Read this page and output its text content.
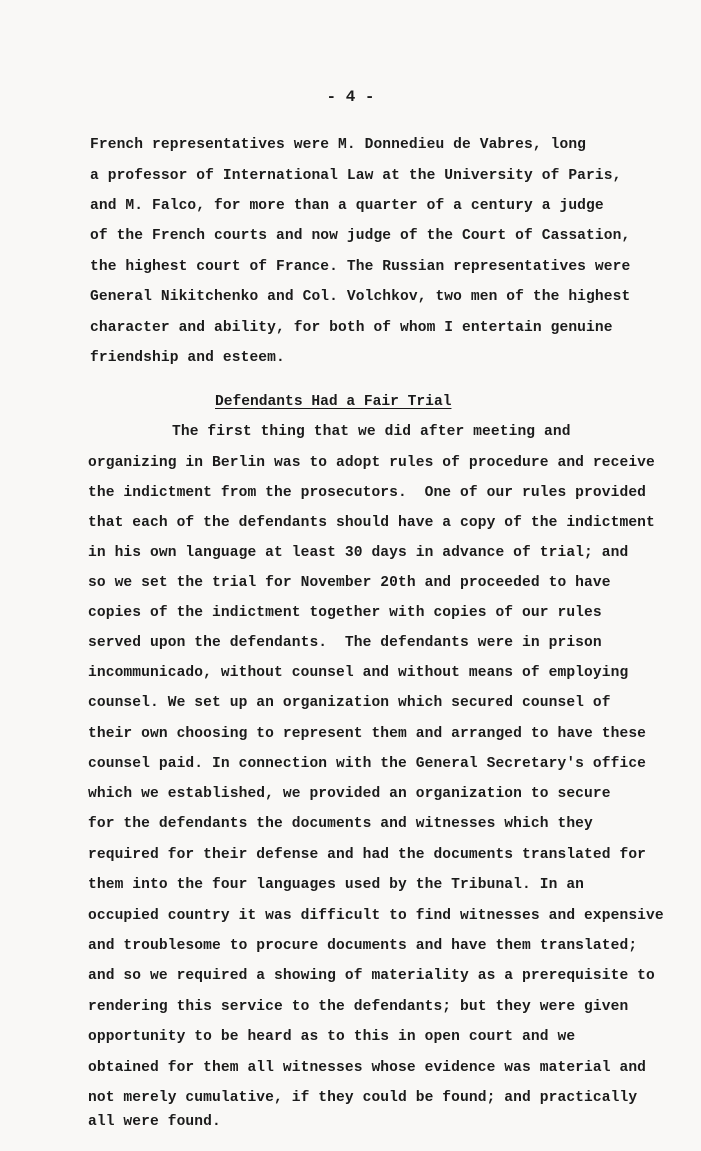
- 4 -
French representatives were M. Donnedieu de Vabres, long
a professor of International Law at the University of Paris,
and M. Falco, for more than a quarter of a century a judge
of the French courts and now judge of the Court of Cassation,
the highest court of France. The Russian representatives were
General Nikitchenko and Col. Volchkov, two men of the highest
character and ability, for both of whom I entertain genuine
friendship and esteem.
Defendants Had a Fair Trial
The first thing that we did after meeting and
organizing in Berlin was to adopt rules of procedure and receive
the indictment from the prosecutors.  One of our rules provided
that each of the defendants should have a copy of the indictment
in his own language at least 30 days in advance of trial; and
so we set the trial for November 20th and proceeded to have
copies of the indictment together with copies of our rules
served upon the defendants.  The defendants were in prison
incommunicado, without counsel and without means of employing
counsel. We set up an organization which secured counsel of
their own choosing to represent them and arranged to have these
counsel paid. In connection with the General Secretary's office
which we established, we provided an organization to secure
for the defendants the documents and witnesses which they
required for their defense and had the documents translated for
them into the four languages used by the Tribunal. In an
occupied country it was difficult to find witnesses and expensive
and troublesome to procure documents and have them translated;
and so we required a showing of materiality as a prerequisite to
rendering this service to the defendants; but they were given
opportunity to be heard as to this in open court and we
obtained for them all witnesses whose evidence was material and
not merely cumulative, if they could be found; and practically
all were found.
